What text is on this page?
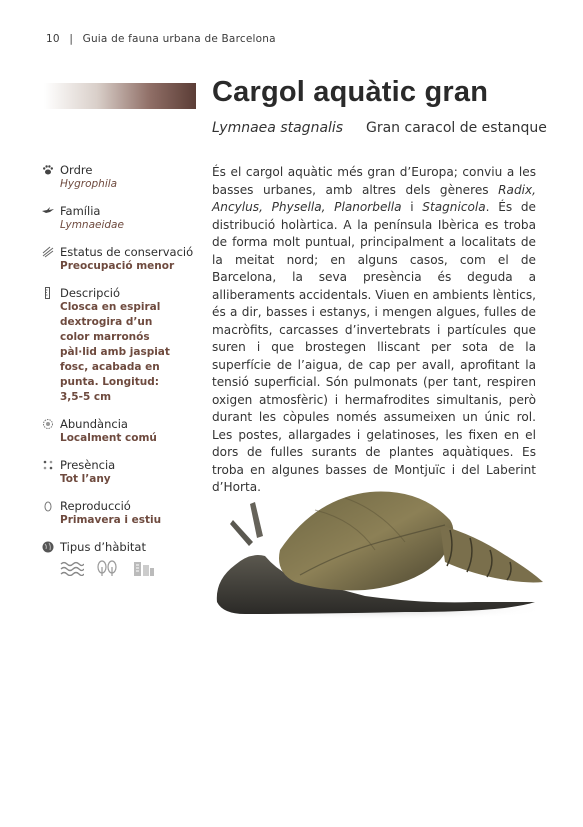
10 | Guia de fauna urbana de Barcelona
Cargol aquàtic gran
Lymnaea stagnalis Gran caracol de estanque
Ordre
Hygrophila
Família
Lymnaeidae
Estatus de conservació
Preocupació menor
Descripció
Closca en espiral dextrogira d’un color marronós pàl·lid amb jaspiat fosc, acabada en punta. Longitud: 3,5-5 cm
Abundància
Localment comú
Presència
Tot l’any
Reproducció
Primavera i estiu
Tipus d’hàbitat
És el cargol aquàtic més gran d’Europa; conviu a les basses urbanes, amb altres dels gèneres Radix, Ancylus, Physella, Planorbella i Stagnicola. És de distribució holàrtica. A la península Ibèrica es troba de forma molt puntual, principalment a localitats de la meitat nord; en alguns casos, com el de Barcelona, la seva presència és deguda a alliberaments accidentals. Viuen en ambients lèntics, és a dir, basses i estanys, i mengen algues, fulles de macròfits, carcasses d’invertebrats i partícules que suren i que brostegen lliscant per sota de la superfície de l’aigua, de cap per avall, aprofitant la tensió superficial. Són pulmonats (per tant, respiren oxigen atmosfèric) i hermafrodites simultanis, però durant les còpules només assumeixen un únic rol. Les postes, allargades i gelatinoses, les fixen en el dors de fulles surants de plantes aquàtiques. Es troba en algunes basses de Montjuïc i del Laberint d’Horta.
